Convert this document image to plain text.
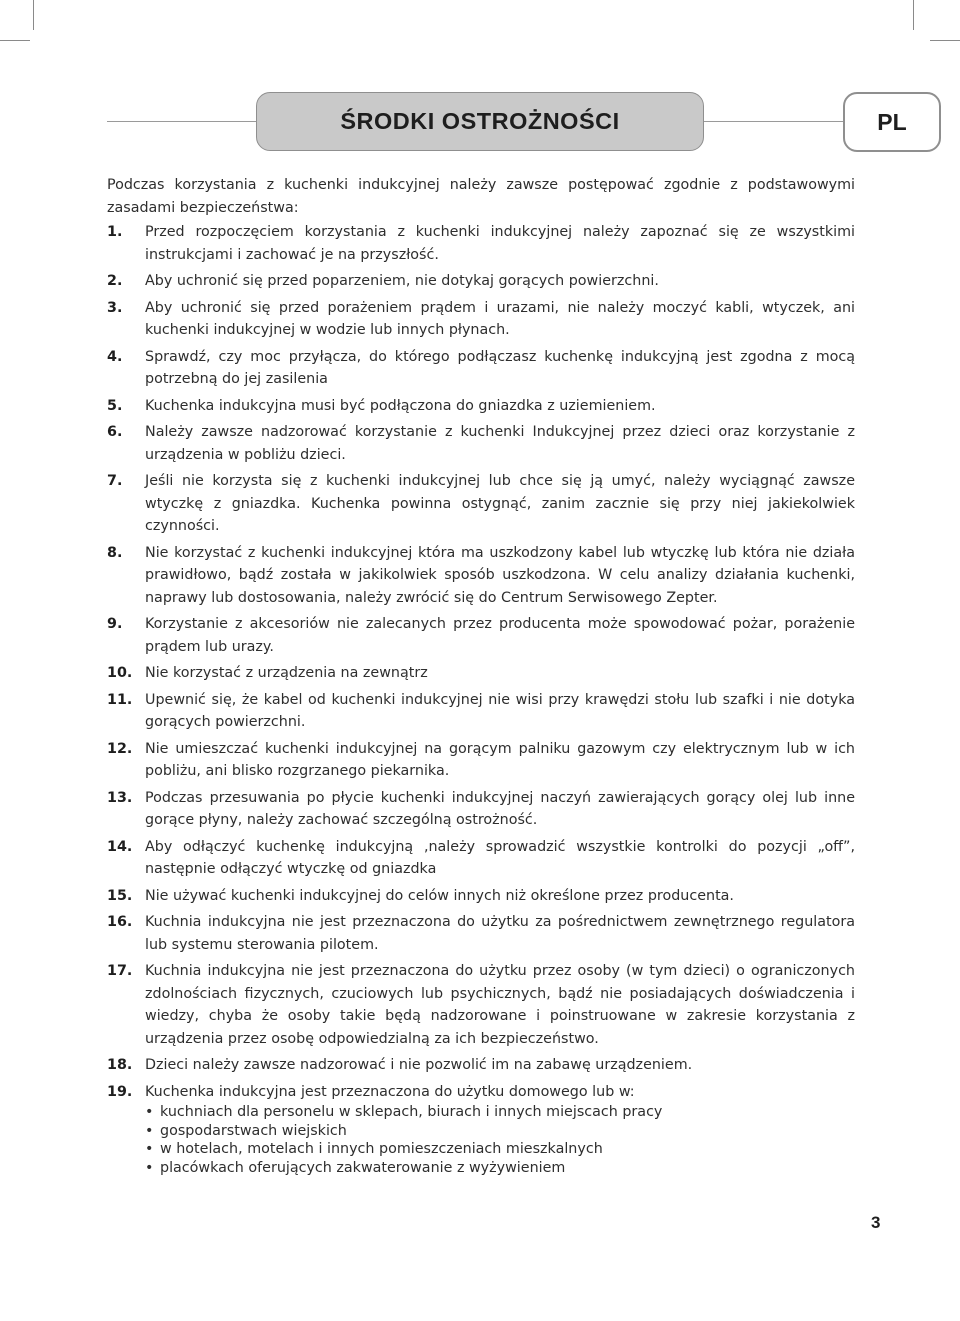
ŚRODKI OSTROŻNOŚCI	PL

Podczas korzystania z kuchenki indukcyjnej należy zawsze postępować zgodnie z podstawowymi zasadami bezpieczeństwa:

1.	Przed rozpoczęciem korzystania z kuchenki indukcyjnej należy zapoznać się ze wszystkimi instrukcjami i zachować je na przyszłość.
2.	Aby uchronić się przed poparzeniem, nie dotykaj gorących powierzchni.
3.	Aby uchronić się przed porażeniem prądem i urazami, nie należy moczyć kabli, wtyczek, ani kuchenki indukcyjnej w wodzie lub innych płynach.
4.	Sprawdź, czy moc przyłącza, do którego podłączasz kuchenkę indukcyjną jest zgodna z mocą potrzebną do jej zasilenia
5.	Kuchenka indukcyjna musi być podłączona do gniazdka z uziemieniem.
6.	Należy zawsze nadzorować korzystanie z kuchenki Indukcyjnej przez dzieci oraz korzystanie z urządzenia w pobliżu dzieci.
7.	Jeśli nie korzysta się z kuchenki indukcyjnej lub chce się ją umyć, należy wyciągnąć zawsze wtyczkę z gniazdka. Kuchenka powinna ostygnąć, zanim zacznie się przy niej jakiekolwiek czynności.
8.	Nie korzystać z kuchenki indukcyjnej która ma uszkodzony kabel lub wtyczkę lub która nie działa prawidłowo, bądź została w jakikolwiek sposób uszkodzona. W celu analizy działania kuchenki, naprawy lub dostosowania, należy zwrócić się do Centrum Serwisowego Zepter.
9.	Korzystanie z akcesoriów nie zalecanych przez producenta może spowodować pożar, porażenie prądem lub urazy.
10. Nie korzystać z urządzenia na zewnątrz
11. Upewnić się, że kabel od kuchenki indukcyjnej nie wisi przy krawędzi stołu lub szafki i nie dotyka gorących powierzchni.
12. Nie umieszczać kuchenki indukcyjnej na gorącym palniku gazowym czy elektrycznym lub w ich pobliżu, ani blisko rozgrzanego piekarnika.
13. Podczas przesuwania po płycie kuchenki indukcyjnej naczyń zawierających gorący olej lub inne gorące płyny, należy zachować szczególną ostrożność.
14. Aby odłączyć kuchenkę indukcyjną ,należy sprowadzić wszystkie kontrolki do pozycji „off”, następnie odłączyć wtyczkę od gniazdka
15. Nie używać kuchenki indukcyjnej do celów innych niż określone przez producenta.
16. Kuchnia indukcyjna nie jest przeznaczona do użytku za pośrednictwem zewnętrznego regulatora lub systemu sterowania pilotem.
17. Kuchnia indukcyjna nie jest przeznaczona do użytku przez osoby (w tym dzieci) o ograniczonych zdolnościach fizycznych, czuciowych lub psychicznych, bądź nie posiadających doświadczenia i wiedzy, chyba że osoby takie będą nadzorowane i poinstruowane w zakresie korzystania z urządzenia przez osobę odpowiedzialną za ich bezpieczeństwo.
18. Dzieci należy zawsze nadzorować i nie pozwolić im na zabawę urządzeniem.
19. Kuchenka indukcyjna jest przeznaczona do użytku domowego lub w:
• kuchniach dla personelu w sklepach, biurach i innych miejscach pracy
• gospodarstwach wiejskich
• w hotelach, motelach i innych pomieszczeniach mieszkalnych
• placówkach oferujących zakwaterowanie z wyżywieniem
3
